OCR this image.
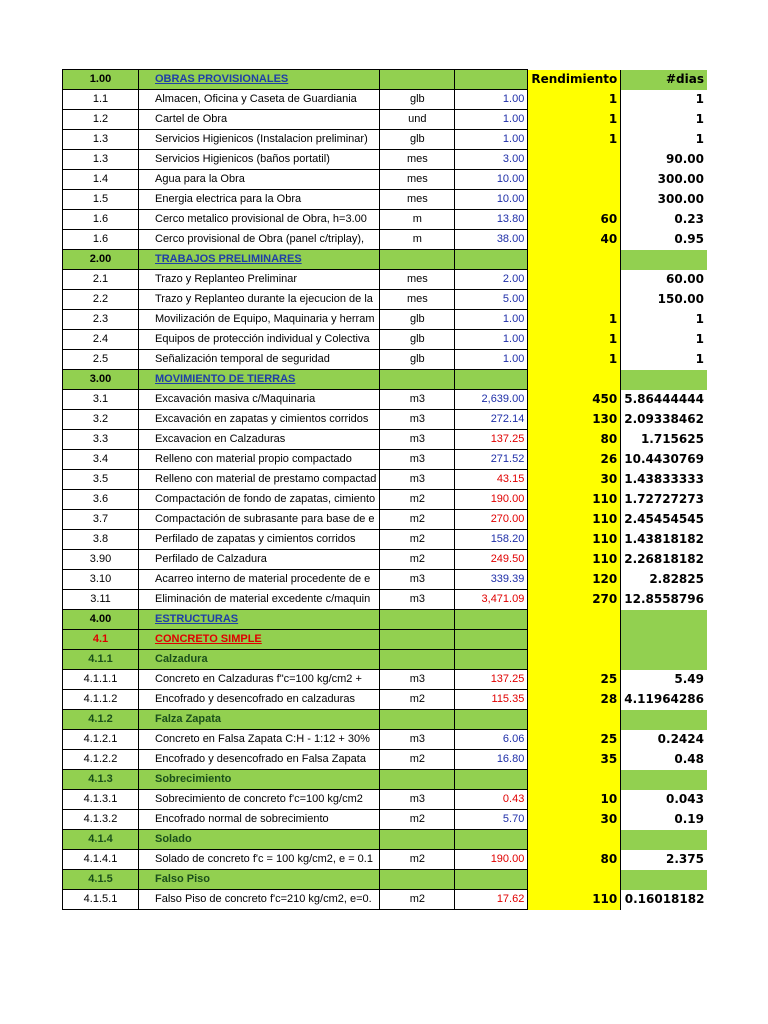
1.00	OBRAS PROVISIONALES			Rendimiento	#dias
1.1	Almacen, Oficina y Caseta de Guardiania	glb	1.00	1	1
1.2	Cartel de Obra	und	1.00	1	1
1.3	Servicios Higienicos (Instalacion preliminar)	glb	1.00	1	1
1.3	Servicios Higienicos (baños portatil)	mes	3.00		90.00
1.4	Agua para la Obra	mes	10.00		300.00
1.5	Energia electrica para la Obra	mes	10.00		300.00
1.6	Cerco metalico provisional de Obra, h=3.00	m	13.80	60	0.23
1.6	Cerco provisional de Obra (panel c/triplay),	m	38.00	40	0.95
2.00	TRABAJOS PRELIMINARES				
2.1	Trazo y Replanteo Preliminar	mes	2.00		60.00
2.2	Trazo y Replanteo durante la ejecucion de la	mes	5.00		150.00
2.3	Movilización de Equipo, Maquinaria y herram	glb	1.00	1	1
2.4	Equipos de protección individual y Colectiva	glb	1.00	1	1
2.5	Señalización temporal de seguridad	glb	1.00	1	1
3.00	MOVIMIENTO DE TIERRAS				
3.1	Excavación masiva c/Maquinaria	m3	2,639.00	450	5.86444444
3.2	Excavación en zapatas y cimientos corridos	m3	272.14	130	2.09338462
3.3	Excavacion en Calzaduras	m3	137.25	80	1.715625
3.4	Relleno con material propio compactado	m3	271.52	26	10.4430769
3.5	Relleno con material de prestamo compactad	m3	43.15	30	1.43833333
3.6	Compactación de fondo de zapatas, cimiento	m2	190.00	110	1.72727273
3.7	Compactación de subrasante para base de e	m2	270.00	110	2.45454545
3.8	Perfilado de zapatas y cimientos corridos	m2	158.20	110	1.43818182
3.90	Perfilado de Calzadura	m2	249.50	110	2.26818182
3.10	Acarreo interno de material procedente de e	m3	339.39	120	2.82825
3.11	Eliminación de material excedente c/maquin	m3	3,471.09	270	12.8558796
4.00	ESTRUCTURAS				
4.1	CONCRETO SIMPLE				
4.1.1	Calzadura				
4.1.1.1	Concreto en Calzaduras f"c=100 kg/cm2 +	m3	137.25	25	5.49
4.1.1.2	Encofrado y desencofrado en calzaduras	m2	115.35	28	4.11964286
4.1.2	Falza Zapata				
4.1.2.1	Concreto en Falsa Zapata C:H - 1:12 + 30%	m3	6.06	25	0.2424
4.1.2.2	Encofrado y desencofrado en Falsa Zapata	m2	16.80	35	0.48
4.1.3	Sobrecimiento				
4.1.3.1	Sobrecimiento de concreto f'c=100 kg/cm2	m3	0.43	10	0.043
4.1.3.2	Encofrado normal de sobrecimiento	m2	5.70	30	0.19
4.1.4	Solado				
4.1.4.1	Solado de concreto f'c = 100 kg/cm2, e = 0.1	m2	190.00	80	2.375
4.1.5	Falso Piso				
4.1.5.1	Falso Piso de concreto f'c=210 kg/cm2, e=0.	m2	17.62	110	0.16018182
